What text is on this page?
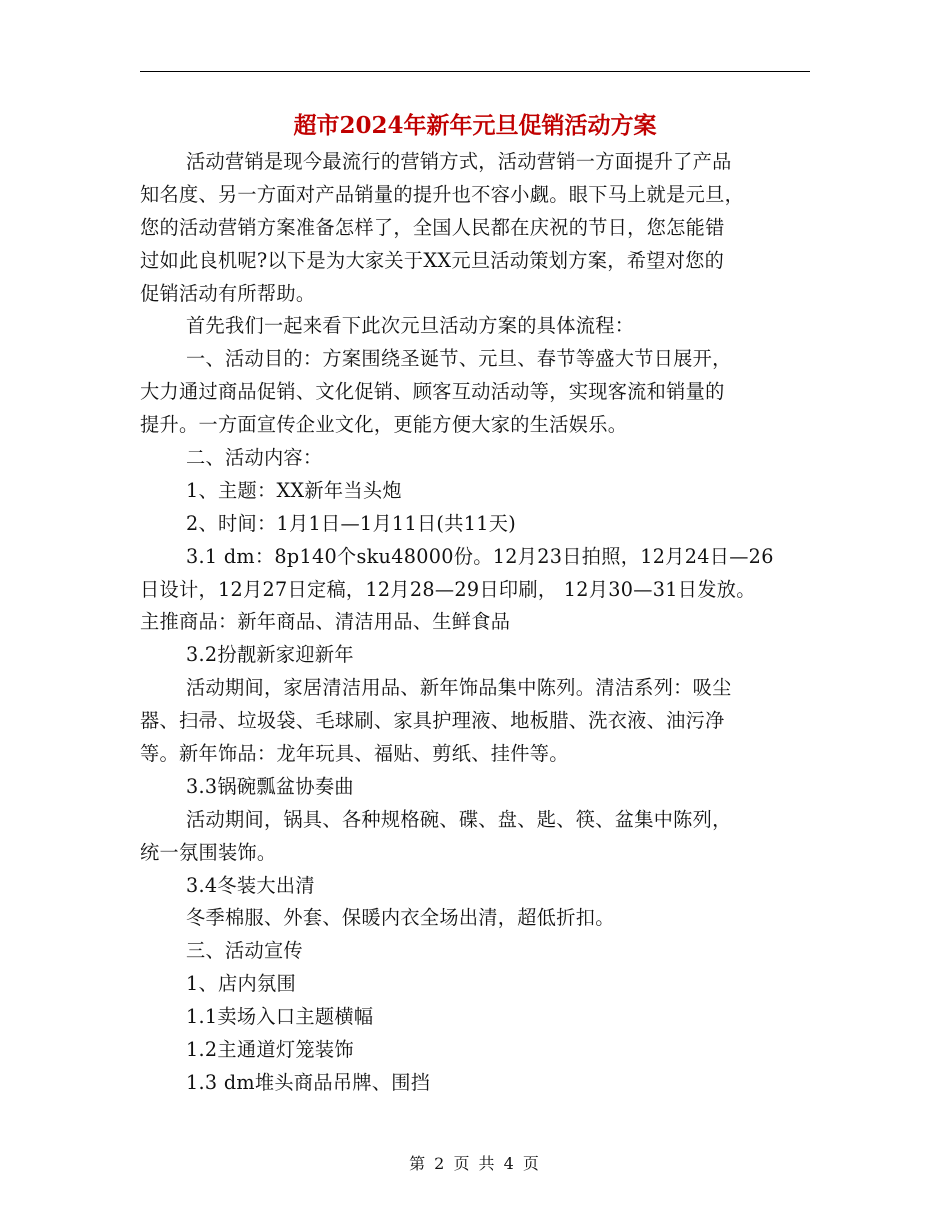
超市2024年新年元旦促销活动方案
活动营销是现今最流行的营销方式，活动营销一方面提升了产品
知名度、另一方面对产品销量的提升也不容小觑。眼下马上就是元旦，
您的活动营销方案准备怎样了，全国人民都在庆祝的节日，您怎能错
过如此良机呢?以下是为大家关于XX元旦活动策划方案，希望对您的
促销活动有所帮助。
首先我们一起来看下此次元旦活动方案的具体流程：
一、活动目的：方案围绕圣诞节、元旦、春节等盛大节日展开，
大力通过商品促销、文化促销、顾客互动活动等，实现客流和销量的
提升。一方面宣传企业文化，更能方便大家的生活娱乐。
二、活动内容：
1、主题：XX新年当头炮
2、时间：1月1日—1月11日(共11天)
3.1 dm：8p140个sku48000份。12月23日拍照，12月24日—26
日设计，12月27日定稿，12月28—29日印刷， 12月30—31日发放。
主推商品：新年商品、清洁用品、生鲜食品
3.2扮靓新家迎新年
活动期间，家居清洁用品、新年饰品集中陈列。清洁系列：吸尘
器、扫帚、垃圾袋、毛球刷、家具护理液、地板腊、洗衣液、油污净
等。新年饰品：龙年玩具、福贴、剪纸、挂件等。
3.3锅碗瓢盆协奏曲
活动期间，锅具、各种规格碗、碟、盘、匙、筷、盆集中陈列，
统一氛围装饰。
3.4冬装大出清
冬季棉服、外套、保暖内衣全场出清，超低折扣。
三、活动宣传
1、店内氛围
1.1卖场入口主题横幅
1.2主通道灯笼装饰
1.3 dm堆头商品吊牌、围挡
第 2 页 共 4 页
